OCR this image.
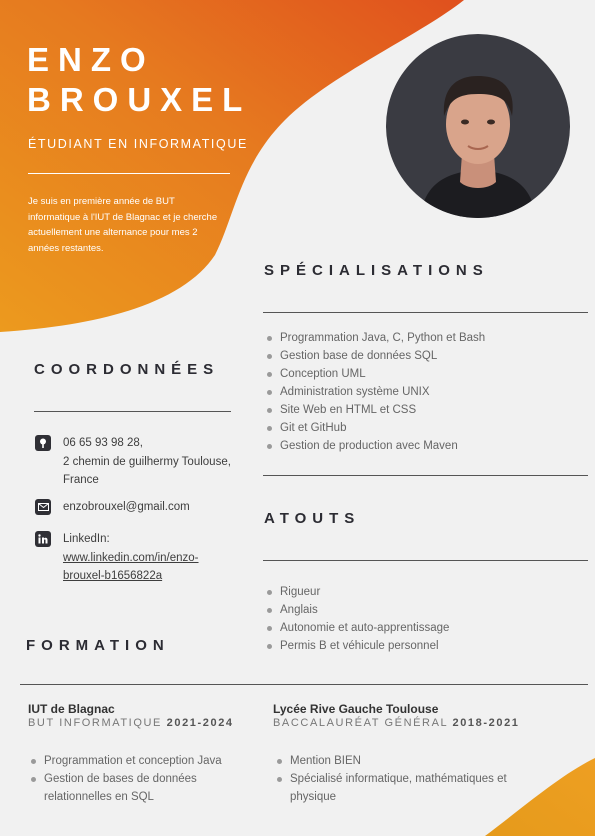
ENZO
BROUXEL
ÉTUDIANT EN INFORMATIQUE
Je suis en première année de BUT informatique à l'IUT de Blagnac et je cherche actuellement une alternance pour mes 2 années restantes.
COORDONNÉES
06 65 93 98 28,
2 chemin de guilhermy Toulouse,
France
enzobrouxel@gmail.com
LinkedIn:
www.linkedin.com/in/enzo-
brouxel-b1656822a
SPÉCIALISATIONS
Programmation Java, C, Python et Bash
Gestion base de données SQL
Conception UML
Administration système UNIX
Site Web en HTML et CSS
Git et GitHub
Gestion de production avec Maven
ATOUTS
Rigueur
Anglais
Autonomie et auto-apprentissage
Permis B et véhicule personnel
FORMATION
IUT de Blagnac
BUT INFORMATIQUE 2021-2024
Programmation et conception Java
Gestion de bases de données relationnelles en SQL
Lycée Rive Gauche Toulouse
BACCALAURÉAT GÉNÉRAL 2018-2021
Mention BIEN
Spécialisé informatique, mathématiques et physique
